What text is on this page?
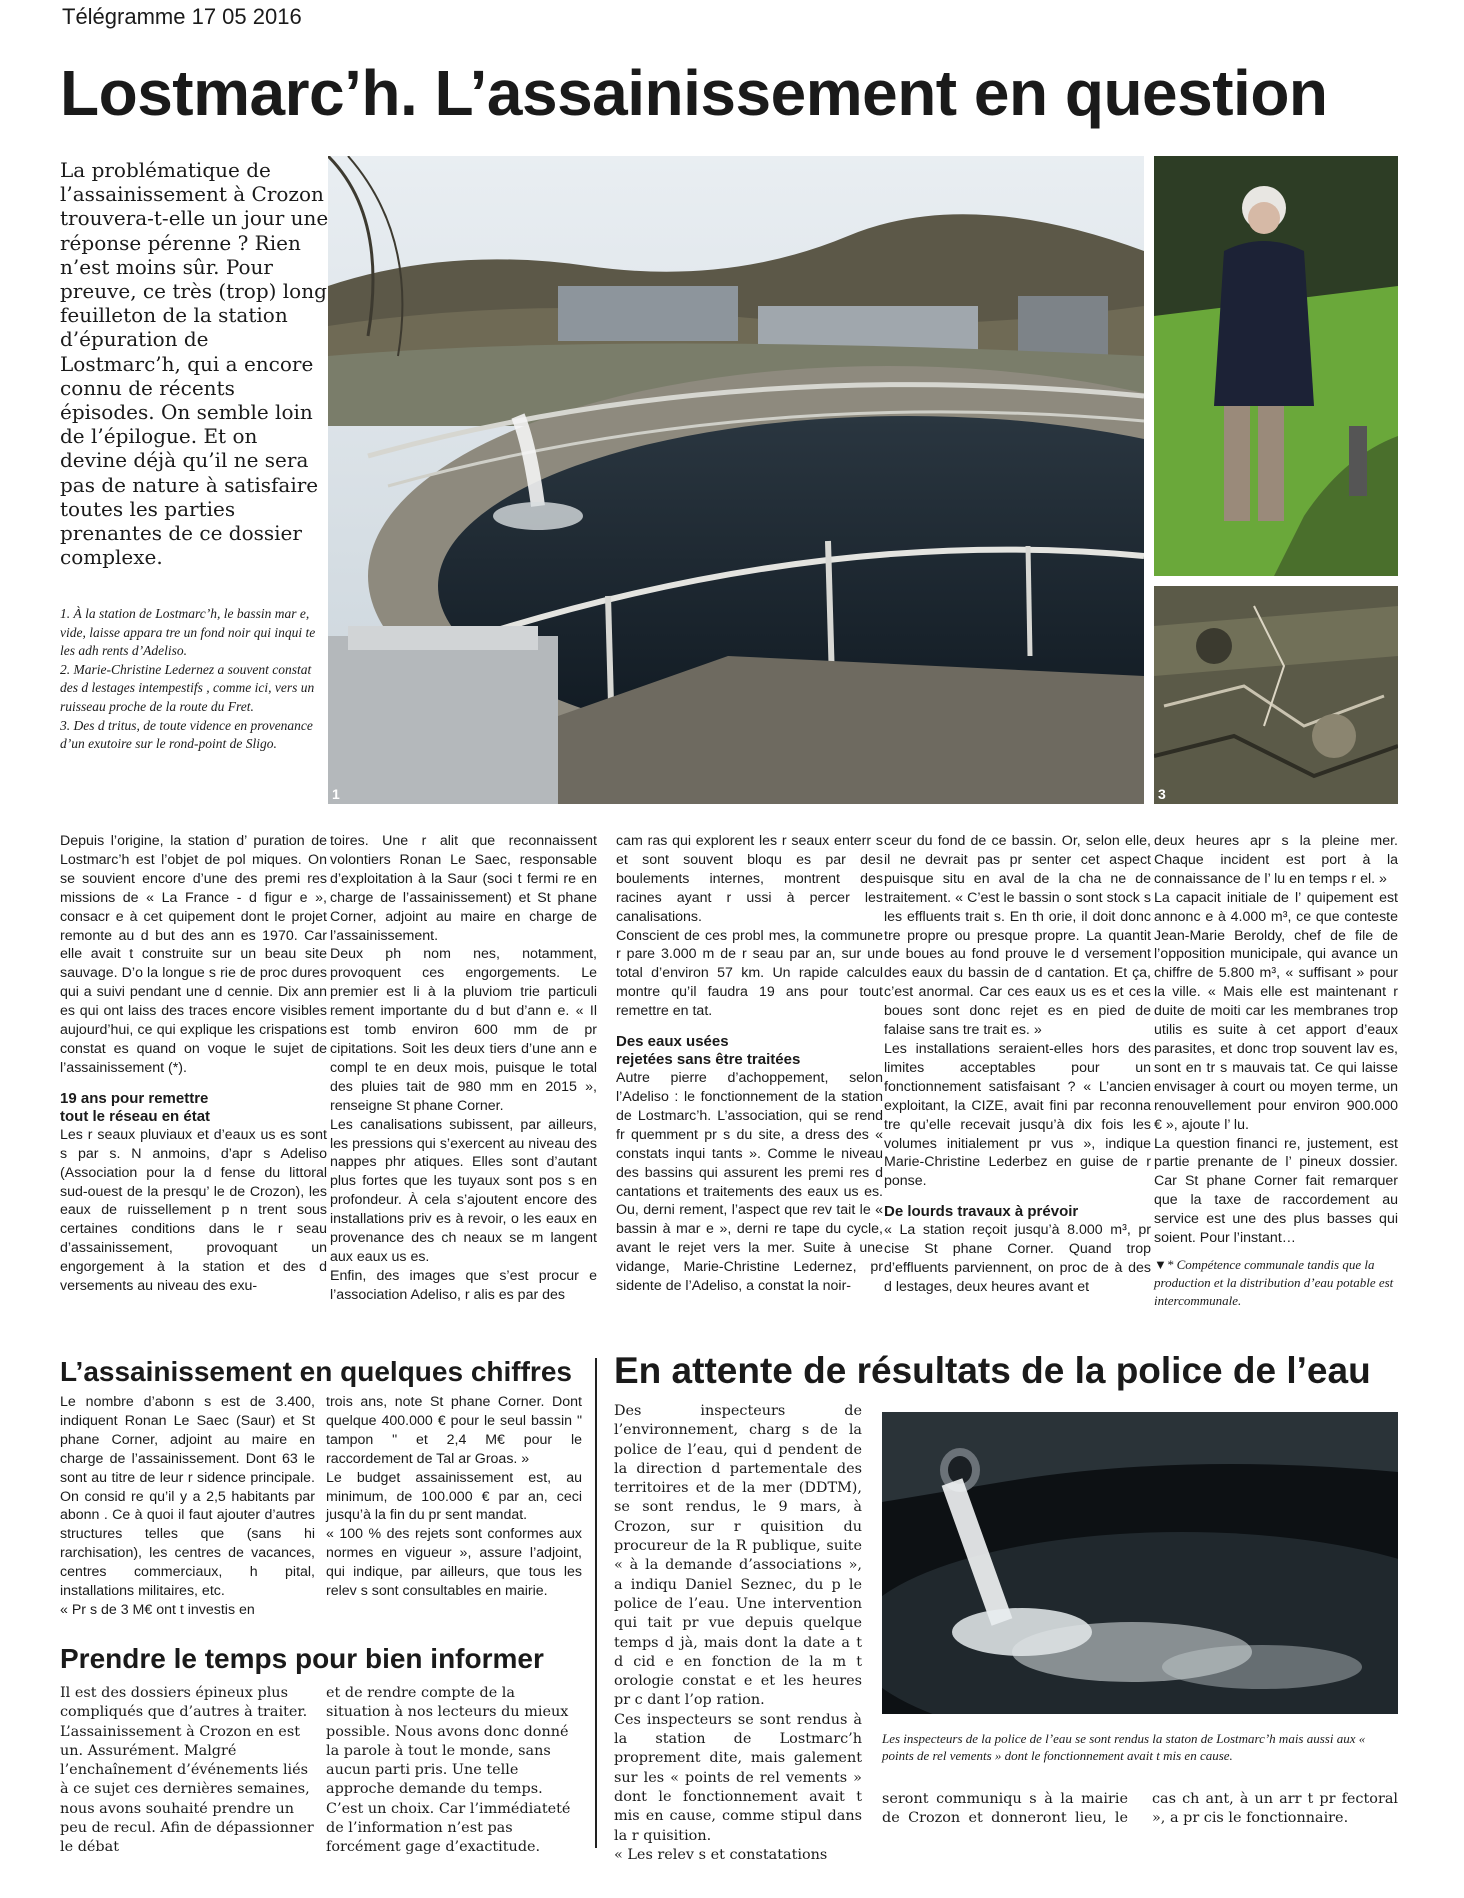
Télégramme 17 05 2016
Lostmarc’h. L’assainissement en question
La problématique de l’assainissement à Crozon trouvera-t-elle un jour une réponse pérenne ? Rien n’est moins sûr. Pour preuve, ce très (trop) long feuilleton de la station d’épuration de Lostmarc’h, qui a encore connu de récents épisodes. On semble loin de l’épilogue. Et on devine déjà qu’il ne sera pas de nature à satisfaire toutes les parties prenantes de ce dossier complexe.

1. À la station de Lostmarc’h, le bassin mar e, vide, laisse appara tre un fond noir qui inqui te les adh rents d’Adeliso.

2. Marie-Christine Ledernez a souvent constat des d lestages intempestifs , comme ici, vers un ruisseau proche de la route du Fret.

3. Des d tritus, de toute vidence en provenance d’un exutoire sur le rond-point de Sligo.

1	3

Depuis l’origine, la station d’ puration de Lostmarc’h est l’objet de pol miques. On se souvient encore d’une des premi res missions de « La France - d figur e », consacr e à cet quipement dont le projet remonte au d but des ann es 1970. Car elle avait t construite sur un beau site sauvage. D’o la longue s rie de proc dures qui a suivi pendant une d cennie. Dix ann es qui ont laiss des traces encore visibles aujourd’hui, ce qui explique les crispations constat es quand on voque le sujet de l’assainissement (*).

19 ans pour remettre
tout le réseau en état

Les r seaux pluviaux et d’eaux us es sont s par s. N anmoins, d’apr s Adeliso (Association pour la d fense du littoral sud-ouest de la presqu’ le de Crozon), les eaux de ruissellement p n trent sous certaines conditions dans le r seau d’assainissement, provoquant un engorgement à la station et des d versements au niveau des exu-

toires. Une r alit que reconnaissent volontiers Ronan Le Saec, responsable d’exploitation à la Saur (soci t fermi re en charge de l’assainissement) et St phane Corner, adjoint au maire en charge de l’assainissement.

Deux ph nom nes, notamment, provoquent ces engorgements. Le premier est li à la pluviom trie particuli rement importante du d but d’ann e. « Il est tomb environ 600 mm de pr cipitations. Soit les deux tiers d’une ann e compl te en deux mois, puisque le total des pluies tait de 980 mm en 2015 », renseigne St phane Corner.

Les canalisations subissent, par ailleurs, les pressions qui s’exercent au niveau des nappes phr atiques. Elles sont d’autant plus fortes que les tuyaux sont pos s en profondeur. À cela s’ajoutent encore des installations priv es à revoir, o les eaux en provenance des ch neaux se m langent aux eaux us es.

Enfin, des images que s’est procur e l’association Adeliso, r alis es par des

cam ras qui explorent les r seaux enterr s et sont souvent bloqu es par des boulements internes, montrent des racines ayant r ussi à percer les canalisations.

Conscient de ces probl mes, la commune r pare 3.000 m de r seau par an, sur un total d’environ 57 km. Un rapide calcul montre qu’il faudra 19 ans pour tout remettre en tat.

Des eaux usées
rejetées sans être traitées

Autre pierre d’achoppement, selon l’Adeliso : le fonctionnement de la station de Lostmarc’h. L’association, qui se rend fr quemment pr s du site, a dress des « constats inqui tants ». Comme le niveau des bassins qui assurent les premi res d cantations et traitements des eaux us es. Ou, derni rement, l’aspect que rev tait le « bassin à mar e », derni re tape du cycle, avant le rejet vers la mer. Suite à une vidange, Marie-Christine Ledernez, pr sidente de l’Adeliso, a constat la noir-

ceur du fond de ce bassin. Or, selon elle, il ne devrait pas pr senter cet aspect puisque situ en aval de la cha ne de traitement. « C’est le bassin o sont stock s les effluents trait s. En th orie, il doit donc tre propre ou presque propre. La quantit de boues au fond prouve le d versement des eaux du bassin de d cantation. Et ça, c’est anormal. Car ces eaux us es et ces boues sont donc rejet es en pied de falaise sans tre trait es. »

Les installations seraient-elles hors des limites acceptables pour un fonctionnement satisfaisant ? « L’ancien exploitant, la CIZE, avait fini par reconna tre qu’elle recevait jusqu’à dix fois les volumes initialement pr vus », indique Marie-Christine Lederbez en guise de r ponse.

De lourds travaux à prévoir

« La station reçoit jusqu’à 8.000 m³, pr cise St phane Corner. Quand trop d’effluents parviennent, on proc de à des d lestages, deux heures avant et

deux heures apr s la pleine mer. Chaque incident est port à la connaissance de l’ lu en temps r el. »

La capacit initiale de l’ quipement est annonc e à 4.000 m³, ce que conteste Jean-Marie Beroldy, chef de file de l’opposition municipale, qui avance un chiffre de 5.800 m³, « suffisant » pour la ville. « Mais elle est maintenant r duite de moiti car les membranes trop utilis es suite à cet apport d’eaux parasites, et donc trop souvent lav es, sont en tr s mauvais tat. Ce qui laisse envisager à court ou moyen terme, un renouvellement pour environ 900.000 € », ajoute l’ lu.

La question financi re, justement, est partie prenante de l’ pineux dossier. Car St phane Corner fait remarquer que la taxe de raccordement au service est une des plus basses qui soient. Pour l’instant…

▼* Compétence communale tandis que la production et la distribution d’eau potable est intercommunale.

L’assainissement en quelques chiffres

Le nombre d’abonn s est de 3.400, indiquent Ronan Le Saec (Saur) et St phane Corner, adjoint au maire en charge de l’assainissement. Dont 63 le sont au titre de leur r sidence principale. On consid re qu’il y a 2,5 habitants par abonn . Ce à quoi il faut ajouter d’autres structures telles que (sans hi rarchisation), les centres de vacances, centres commerciaux, h pital, installations militaires, etc.

« Pr s de 3 M€ ont t investis en

trois ans, note St phane Corner. Dont quelque 400.000 € pour le seul bassin " tampon " et 2,4 M€ pour le raccordement de Tal ar Groas. »

Le budget assainissement est, au minimum, de 100.000 € par an, ceci jusqu’à la fin du pr sent mandat.

« 100 % des rejets sont conformes aux normes en vigueur », assure l’adjoint, qui indique, par ailleurs, que tous les relev s sont consultables en mairie.

Prendre le temps pour bien informer

Il est des dossiers épineux plus compliqués que d’autres à traiter. L’assainissement à Crozon en est un. Assurément. Malgré l’enchaînement d’événements liés à ce sujet ces dernières semaines, nous avons souhaité prendre un peu de recul. Afin de dépassionner le débat

et de rendre compte de la situation à nos lecteurs du mieux possible. Nous avons donc donné la parole à tout le monde, sans aucun parti pris. Une telle approche demande du temps. C’est un choix. Car l’immédiateté de l’information n’est pas forcément gage d’exactitude.

En attente de résultats de la police de l’eau

Des inspecteurs de l’environnement, charg s de la police de l’eau, qui d pendent de la direction d partementale des territoires et de la mer (DDTM), se sont rendus, le 9 mars, à Crozon, sur r quisition du procureur de la R publique, suite « à la demande d’associations », a indiqu Daniel Seznec, du p le police de l’eau. Une intervention qui tait pr vue depuis quelque temps d jà, mais dont la date a t d cid e en fonction de la m t orologie constat e et les heures pr c dant l’op ration.

Ces inspecteurs se sont rendus à la station de Lostmarc’h proprement dite, mais galement sur les « points de rel vements » dont le fonctionnement avait t mis en cause, comme stipul dans la r quisition.

« Les relev s et constatations

Les inspecteurs de la police de l’eau se sont rendus la staton de Lostmarc’h mais aussi aux « points de rel vements » dont le fonctionnement avait t mis en cause.

seront communiqu s à la mairie de Crozon et donneront lieu, le cas ch ant, à un arr t pr fectoral », a pr cis le fonctionnaire.
